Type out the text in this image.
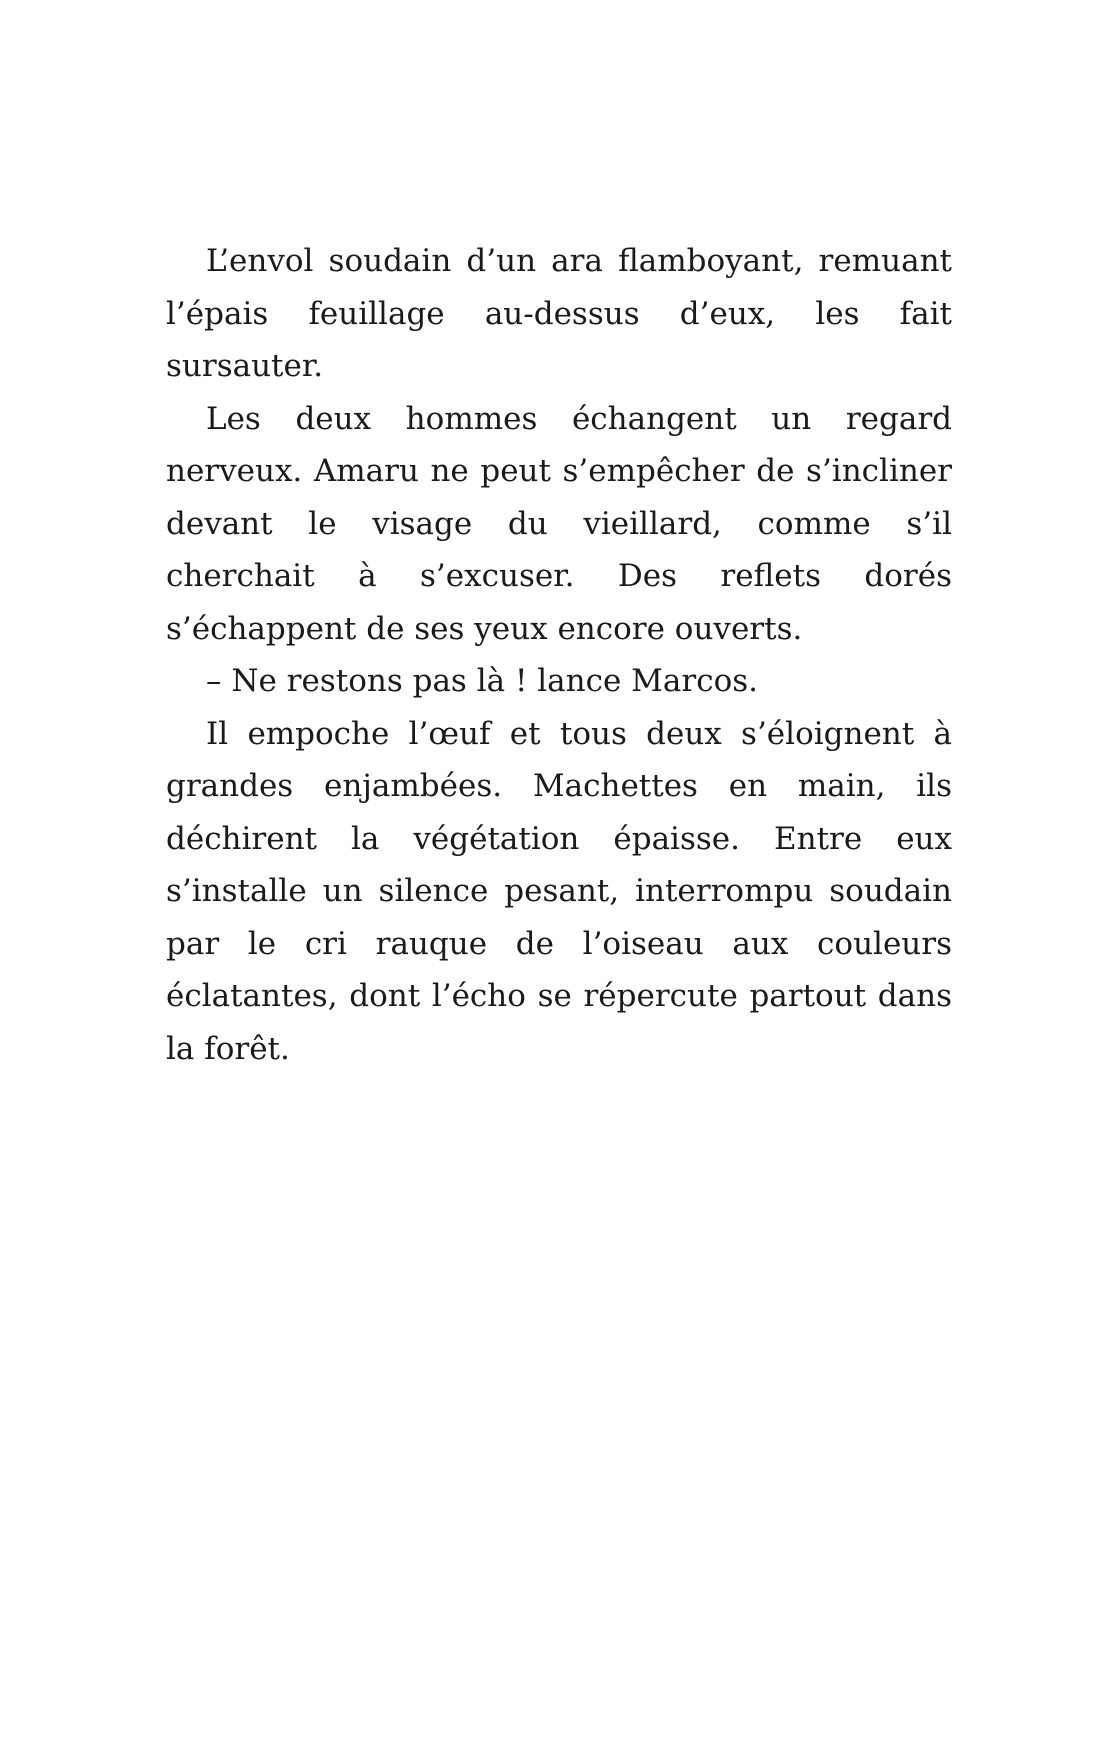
L’envol soudain d’un ara flamboyant, remuant l’épais feuillage au-dessus d’eux, les fait sursauter.

Les deux hommes échangent un regard nerveux. Amaru ne peut s’empêcher de s’incliner devant le visage du vieillard, comme s’il cherchait à s’excuser. Des reflets dorés s’échappent de ses yeux encore ouverts.

– Ne restons pas là ! lance Marcos.

Il empoche l’œuf et tous deux s’éloignent à grandes enjambées. Machettes en main, ils déchirent la végétation épaisse. Entre eux s’installe un silence pesant, interrompu soudain par le cri rauque de l’oiseau aux couleurs éclatantes, dont l’écho se répercute partout dans la forêt.
